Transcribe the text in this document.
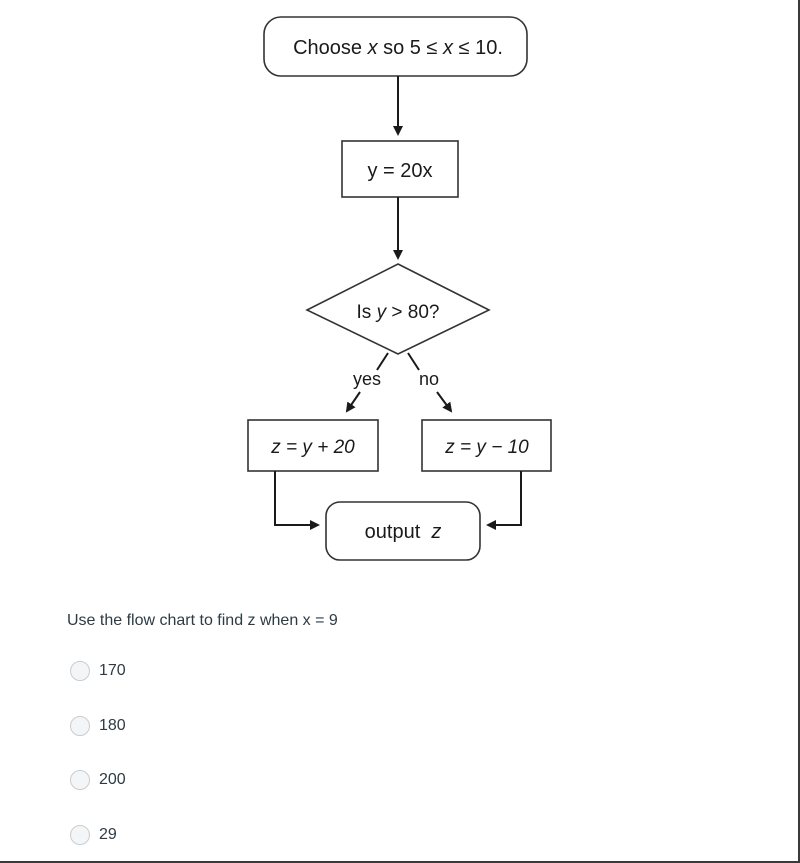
Choose x so 5 ≤ x ≤ 10.
y = 20x
Is y > 80?
yes no
z = y + 20	z = y − 10
output  z
Use the flow chart to find z when x = 9
170
180
200
29
